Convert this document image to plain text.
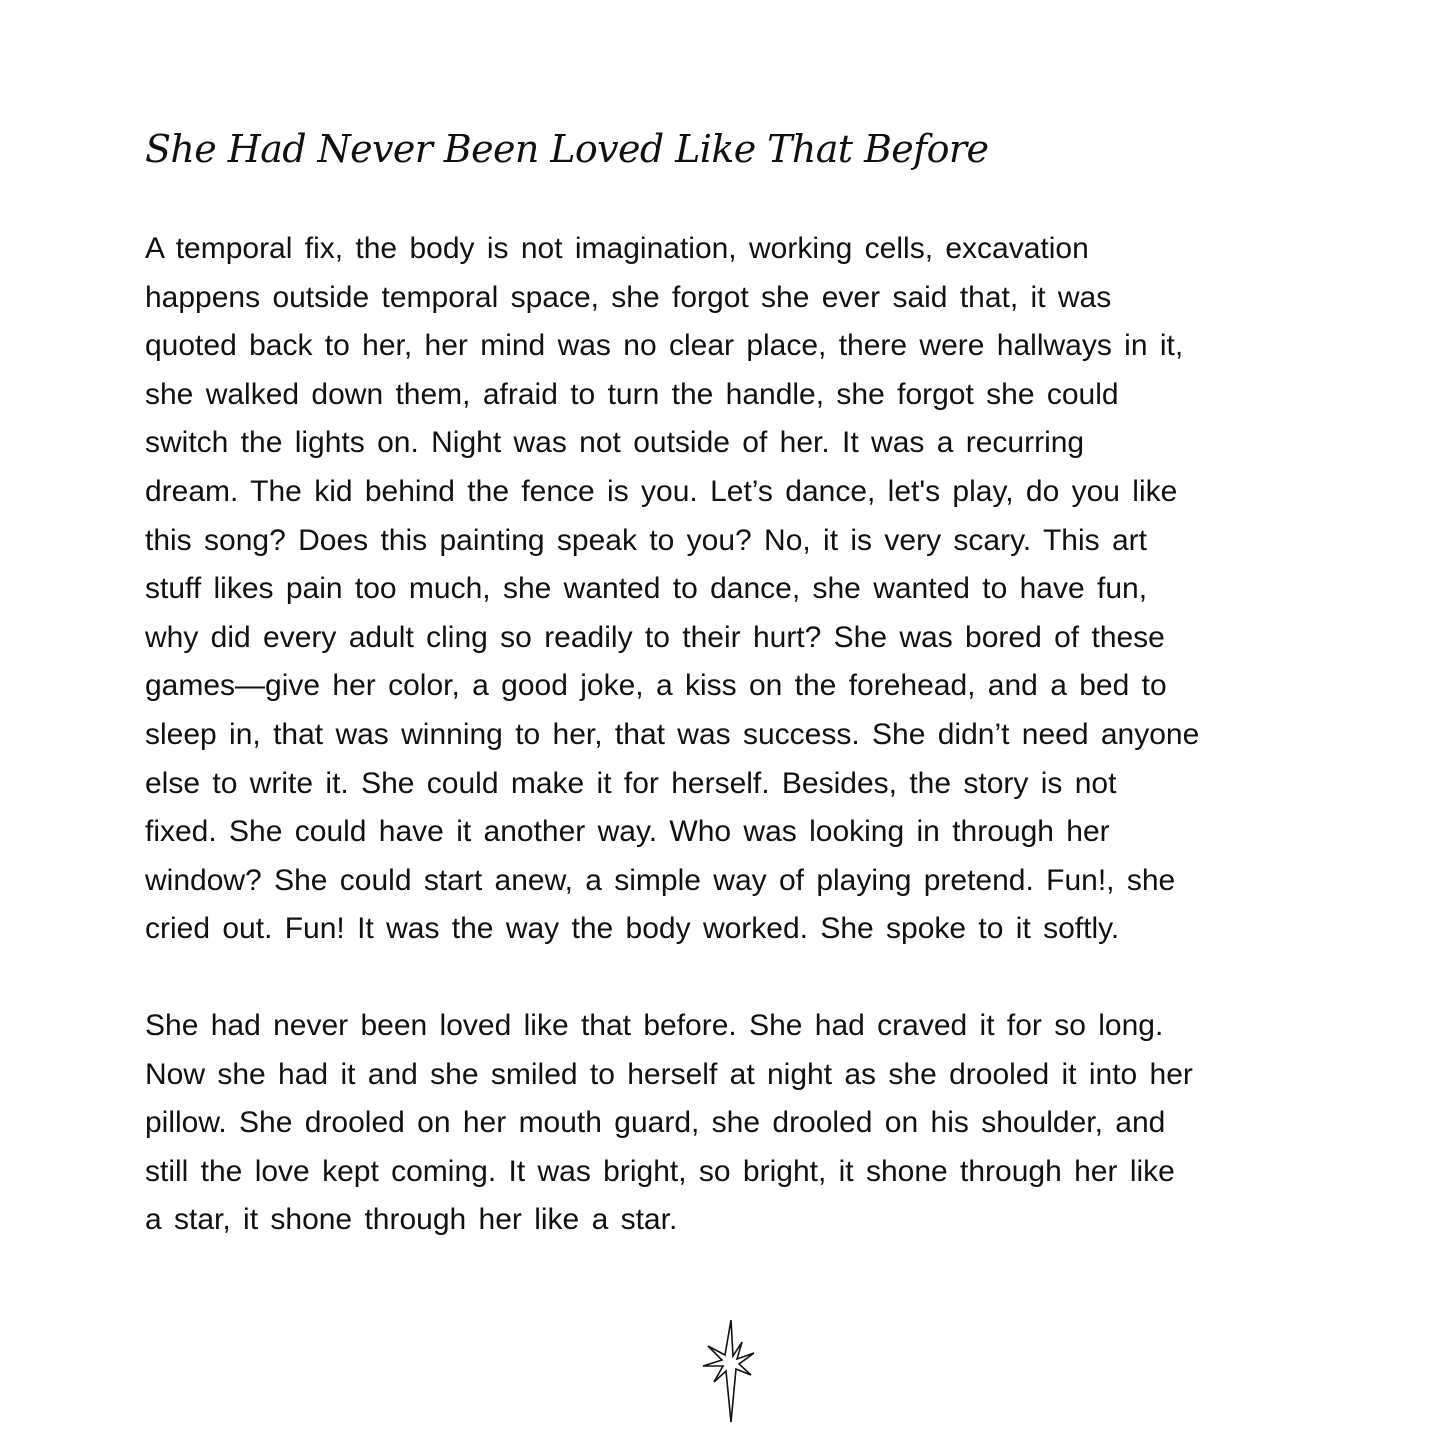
She Had Never Been Loved Like That Before

A temporal fix, the body is not imagination, working cells, excavation
happens outside temporal space, she forgot she ever said that, it was
quoted back to her, her mind was no clear place, there were hallways in it,
she walked down them, afraid to turn the handle, she forgot she could
switch the lights on. Night was not outside of her. It was a recurring
dream. The kid behind the fence is you. Let’s dance, let's play, do you like
this song? Does this painting speak to you? No, it is very scary. This art
stuff likes pain too much, she wanted to dance, she wanted to have fun,
why did every adult cling so readily to their hurt? She was bored of these
games—give her color, a good joke, a kiss on the forehead, and a bed to
sleep in, that was winning to her, that was success. She didn’t need anyone
else to write it. She could make it for herself. Besides, the story is not
fixed. She could have it another way. Who was looking in through her
window? She could start anew, a simple way of playing pretend. Fun!, she
cried out. Fun! It was the way the body worked. She spoke to it softly.

She had never been loved like that before. She had craved it for so long.
Now she had it and she smiled to herself at night as she drooled it into her
pillow. She drooled on her mouth guard, she drooled on his shoulder, and
still the love kept coming. It was bright, so bright, it shone through her like
a star, it shone through her like a star.
